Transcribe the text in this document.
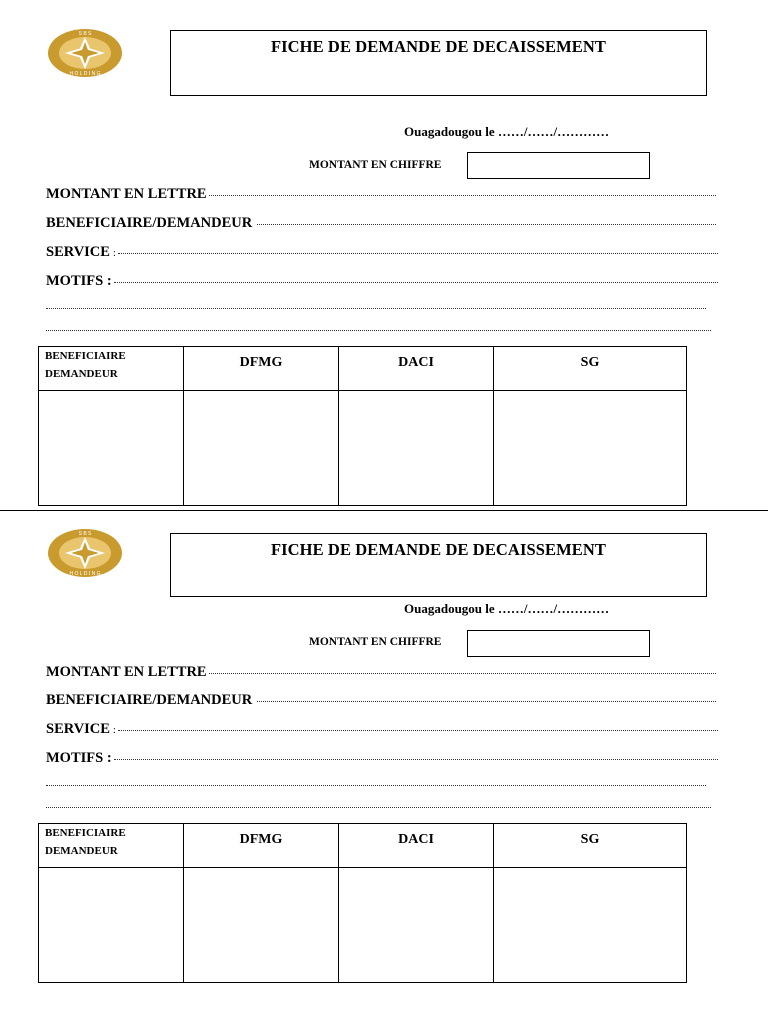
S B S
H O L D I N G
FICHE DE DEMANDE DE DECAISSEMENT
Ouagadougou le ……/……/…………
MONTANT EN CHIFFRE
MONTANT EN LETTRE
BENEFICIAIRE/DEMANDEUR
SERVICE :
MOTIFS :
BENEFICIAIRE
DEMANDEUR	DFMG	DACI	SG

S B S
H O L D I N G
FICHE DE DEMANDE DE DECAISSEMENT
Ouagadougou le ……/……/…………
MONTANT EN CHIFFRE
MONTANT EN LETTRE
BENEFICIAIRE/DEMANDEUR
SERVICE :
MOTIFS :
BENEFICIAIRE
DEMANDEUR	DFMG	DACI	SG
